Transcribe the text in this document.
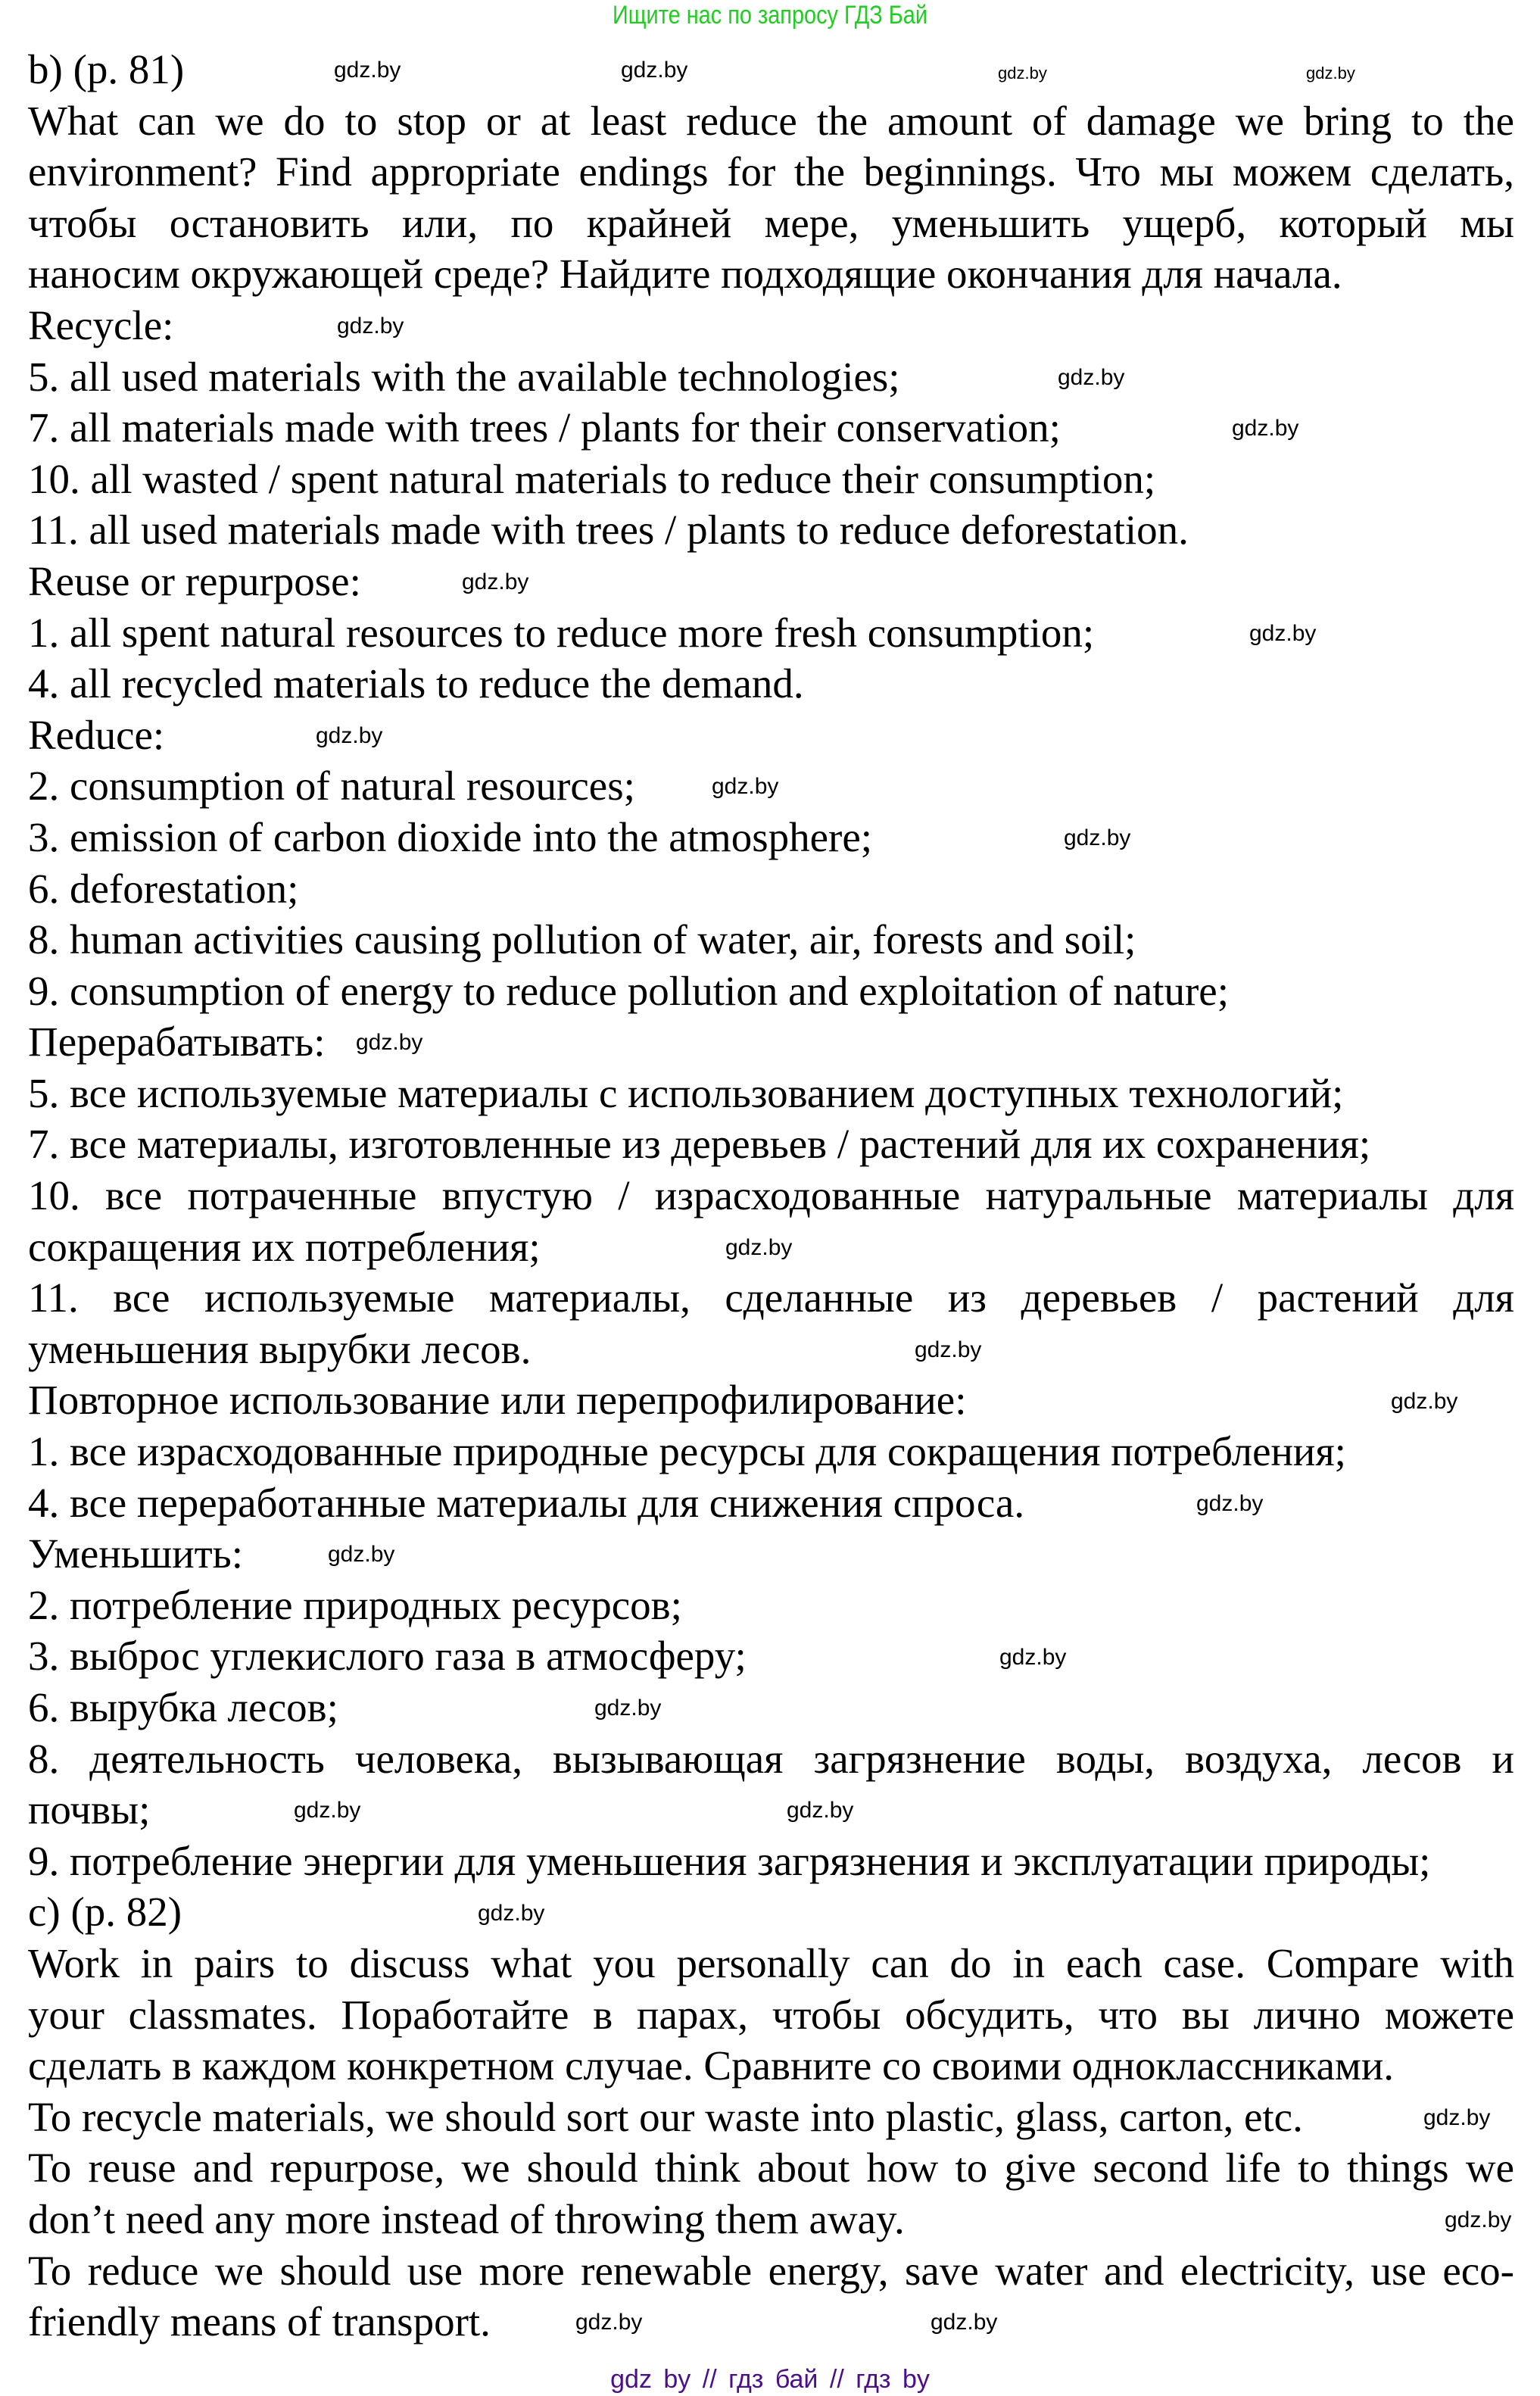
Ищите нас по запросу ГДЗ Бай
b) (p. 81)
What can we do to stop or at least reduce the amount of damage we bring to the
environment? Find appropriate endings for the beginnings. Что мы можем сделать,
чтобы остановить или, по крайней мере, уменьшить ущерб, который мы
наносим окружающей среде? Найдите подходящие окончания для начала.
Recycle:
5. all used materials with the available technologies;
7. all materials made with trees / plants for their conservation;
10. all wasted / spent natural materials to reduce their consumption;
11. all used materials made with trees / plants to reduce deforestation.
Reuse or repurpose:
1. all spent natural resources to reduce more fresh consumption;
4. all recycled materials to reduce the demand.
Reduce:
2. consumption of natural resources;
3. emission of carbon dioxide into the atmosphere;
6. deforestation;
8. human activities causing pollution of water, air, forests and soil;
9. consumption of energy to reduce pollution and exploitation of nature;
Перерабатывать:
5. все используемые материалы с использованием доступных технологий;
7. все материалы, изготовленные из деревьев / растений для их сохранения;
10. все потраченные впустую / израсходованные натуральные материалы для
сокращения их потребления;
11. все используемые материалы, сделанные из деревьев / растений для
уменьшения вырубки лесов.
Повторное использование или перепрофилирование:
1. все израсходованные природные ресурсы для сокращения потребления;
4. все переработанные материалы для снижения спроса.
Уменьшить:
2. потребление природных ресурсов;
3. выброс углекислого газа в атмосферу;
6. вырубка лесов;
8. деятельность человека, вызывающая загрязнение воды, воздуха, лесов и
почвы;
9. потребление энергии для уменьшения загрязнения и эксплуатации природы;
c) (p. 82)
Work in pairs to discuss what you personally can do in each case. Compare with
your classmates. Поработайте в парах, чтобы обсудить, что вы лично можете
сделать в каждом конкретном случае. Сравните со своими одноклассниками.
To recycle materials, we should sort our waste into plastic, glass, carton, etc.
To reuse and repurpose, we should think about how to give second life to things we
don’t need any more instead of throwing them away.
To reduce we should use more renewable energy, save water and electricity, use eco-
friendly means of transport.
gdz.by	gdz.by	gdz.by	gdz.by
gdz.by
gdz.by
gdz.by
gdz.by
gdz.by
gdz.by
gdz.by
gdz.by
gdz.by
gdz.by
gdz.by
gdz.by
gdz.by
gdz.by
gdz.by
gdz.by
gdz.by
gdz.by
gdz.by
gdz.by
gdz.by
gdz.by
gdz.by
gdz by // гдз бай // гдз by
